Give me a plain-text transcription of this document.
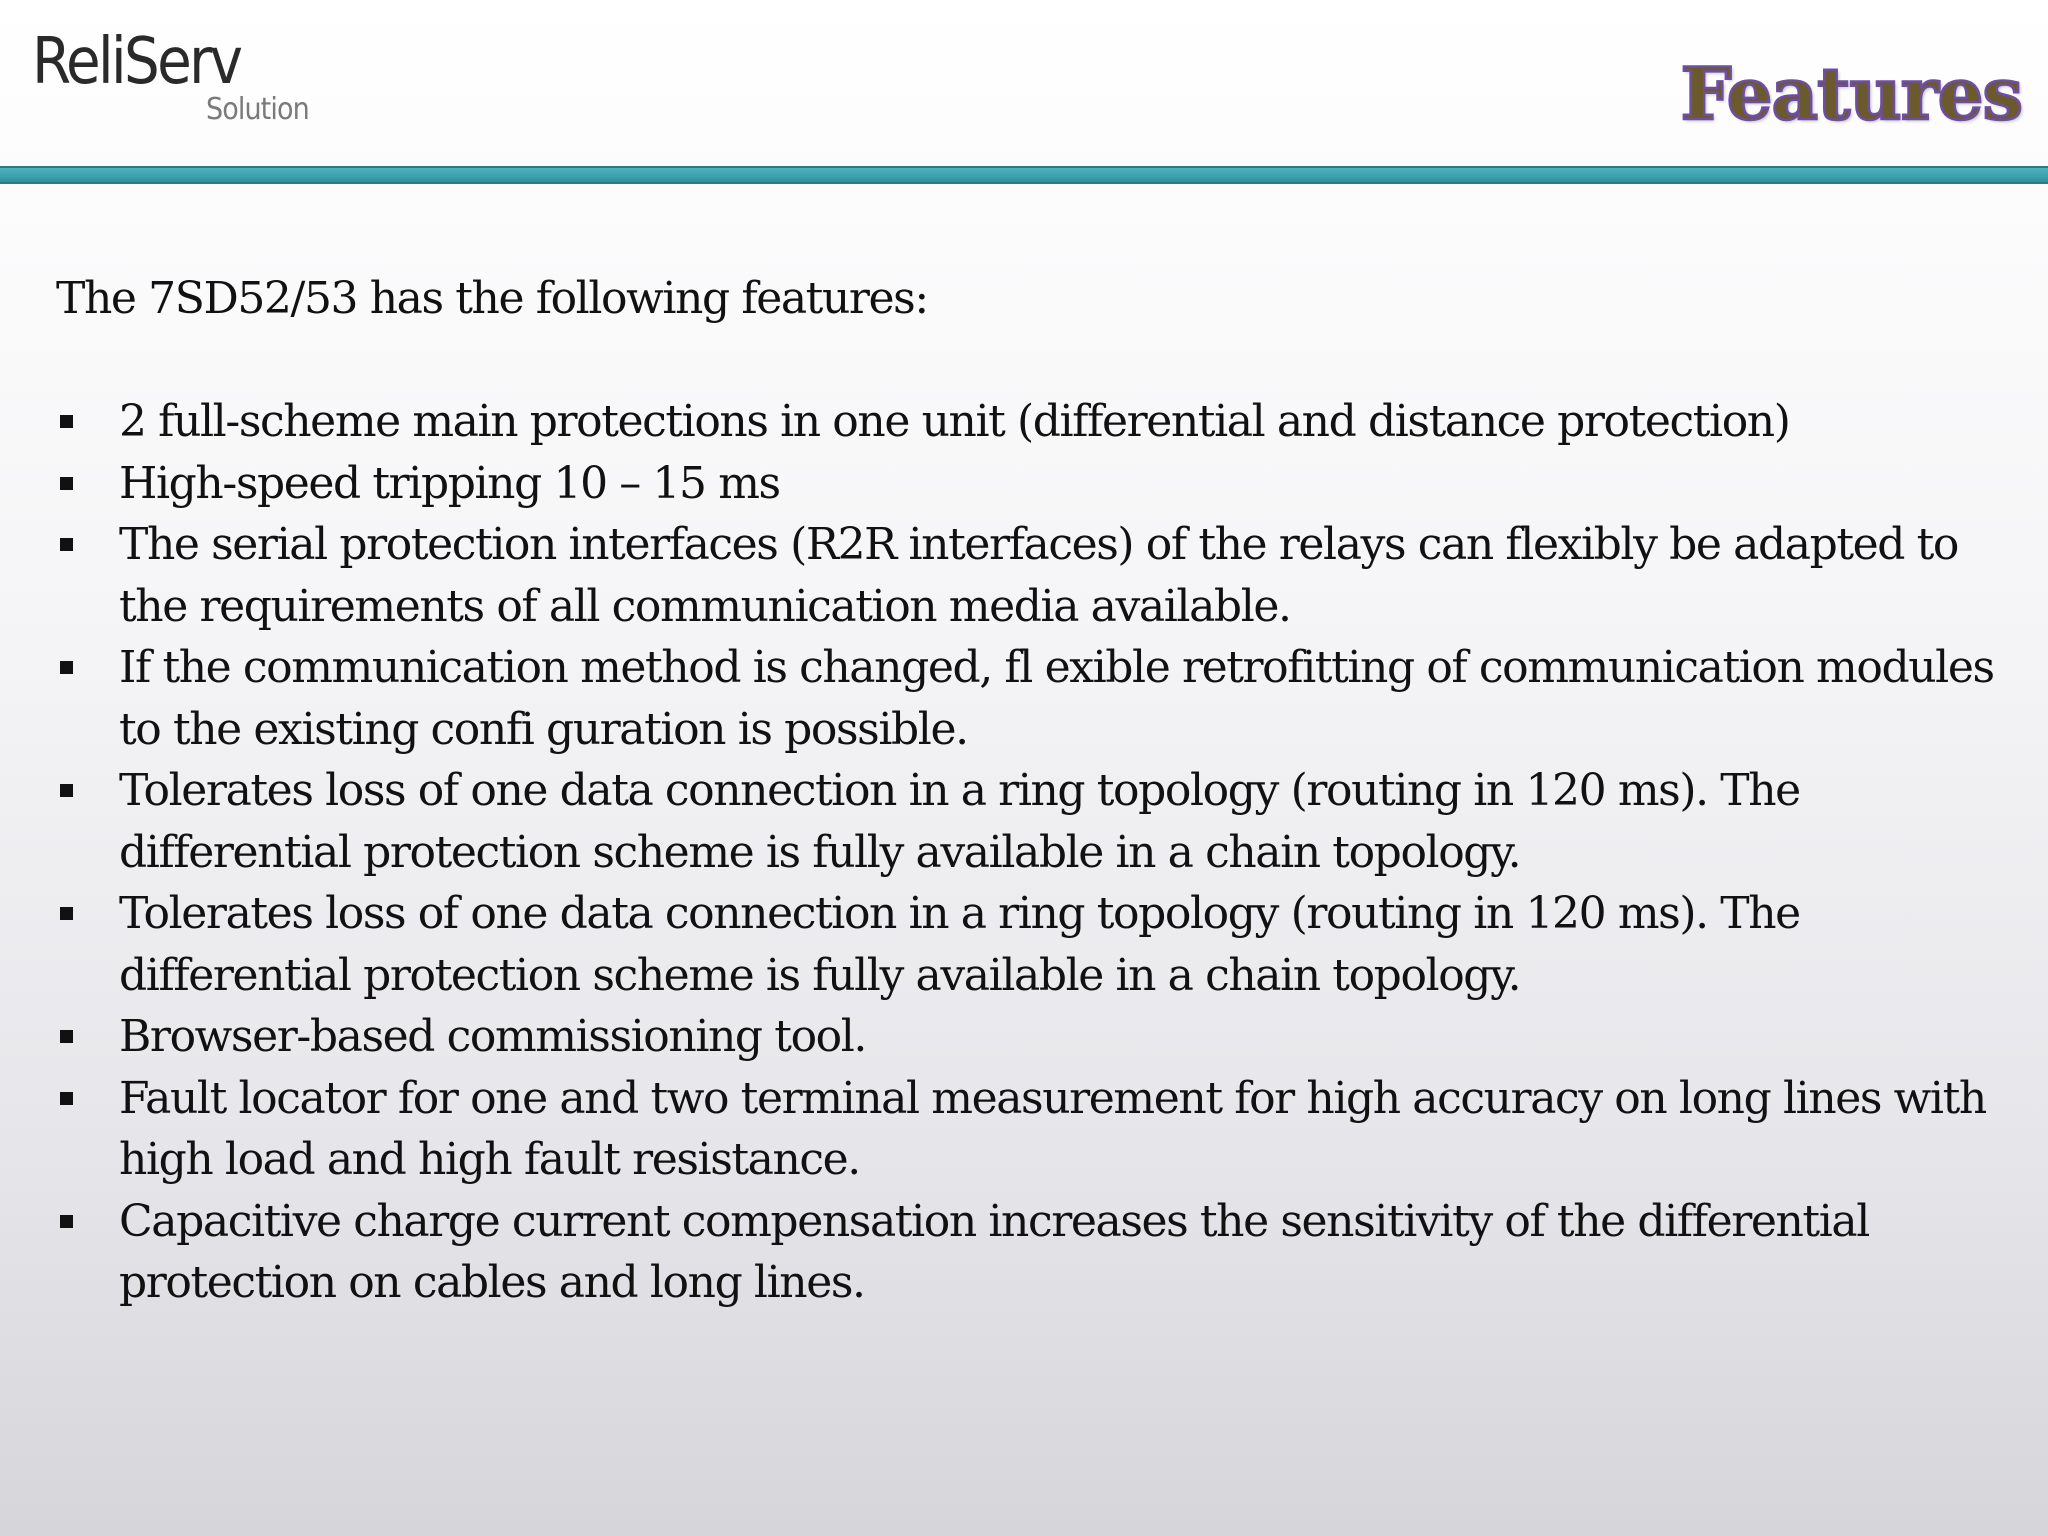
ReliServ
Solution	Features

The 7SD52/53 has the following features:

2 full-scheme main protections in one unit (differential and distance protection)
High-speed tripping 10 – 15 ms
The serial protection interfaces (R2R interfaces) of the relays can flexibly be adapted to the requirements of all communication media available.
If the communication method is changed, fl exible retrofitting of communication modules to the existing confi guration is possible.
Tolerates loss of one data connection in a ring topology (routing in 120 ms). The differential protection scheme is fully available in a chain topology.
Tolerates loss of one data connection in a ring topology (routing in 120 ms). The differential protection scheme is fully available in a chain topology.
Browser-based commissioning tool.
Fault locator for one and two terminal measurement for high accuracy on long lines with high load and high fault resistance.
Capacitive charge current compensation increases the sensitivity of the differential protection on cables and long lines.
